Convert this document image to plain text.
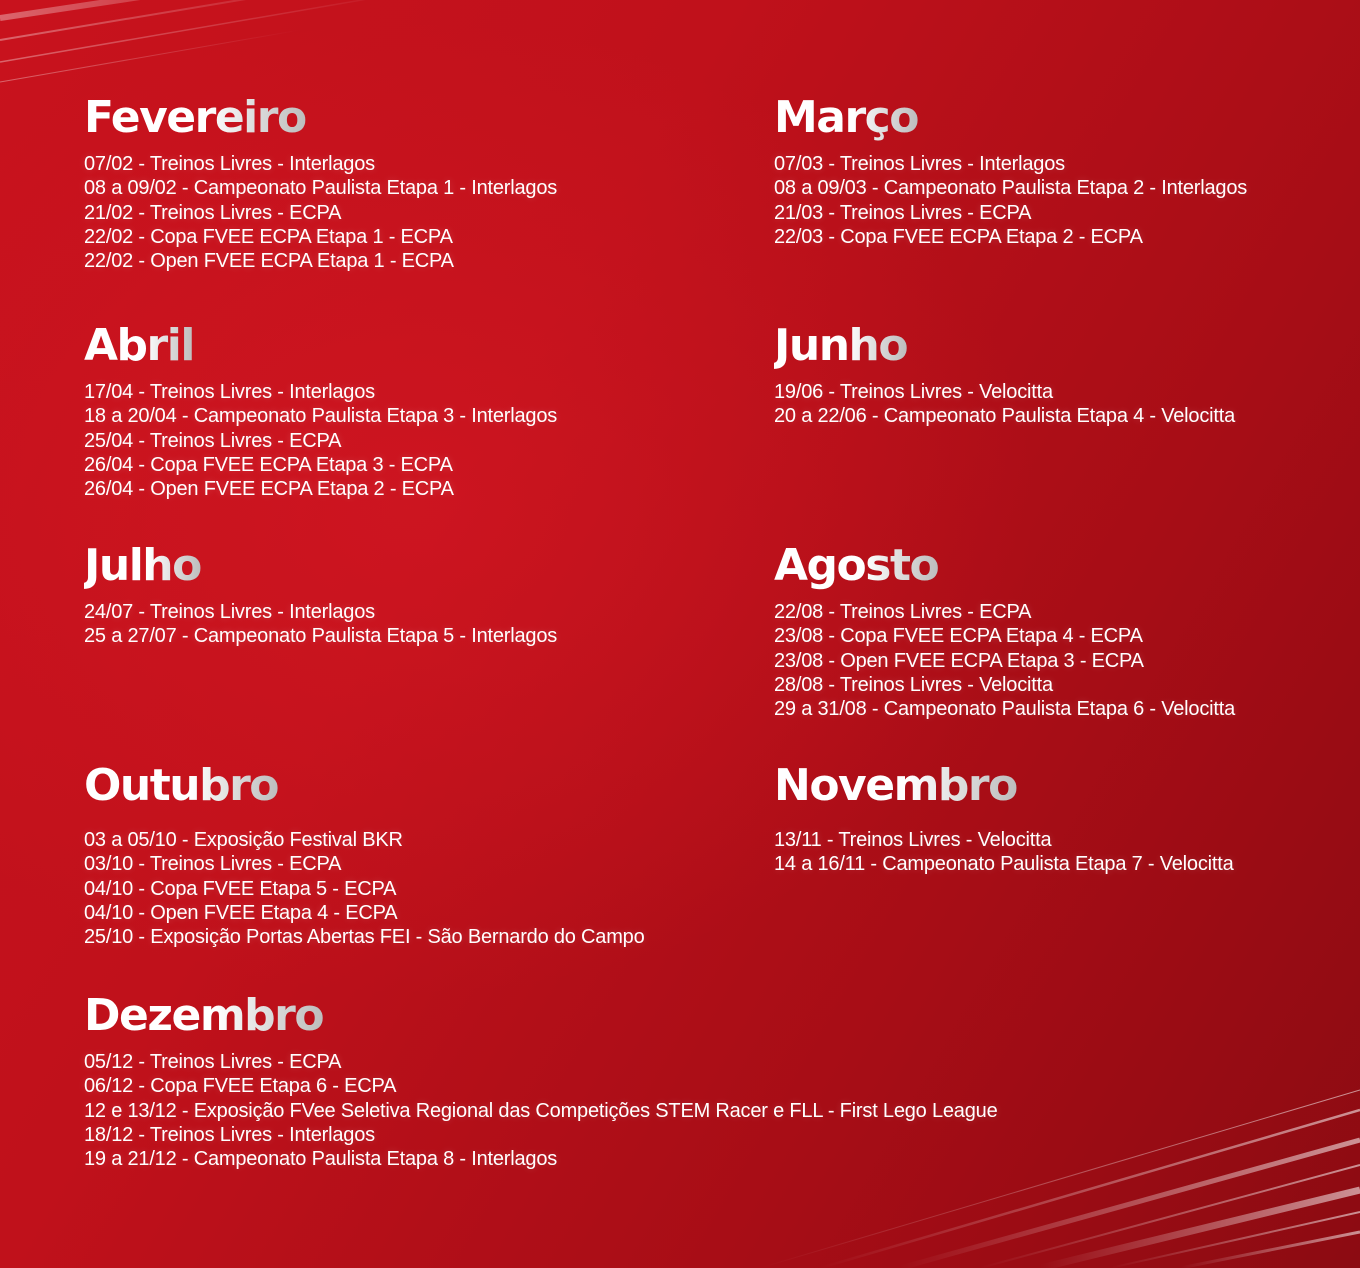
Fevereiro
07/02 - Treinos Livres - Interlagos
08 a 09/02 - Campeonato Paulista Etapa 1 - Interlagos
21/02 - Treinos Livres - ECPA
22/02 - Copa FVEE ECPA Etapa 1 - ECPA
22/02 - Open FVEE ECPA Etapa 1 - ECPA
Março
07/03 - Treinos Livres - Interlagos
08 a 09/03 - Campeonato Paulista Etapa 2 - Interlagos
21/03 - Treinos Livres - ECPA
22/03 - Copa FVEE ECPA Etapa 2 - ECPA
Abril
17/04 - Treinos Livres - Interlagos
18 a 20/04 - Campeonato Paulista Etapa 3 - Interlagos
25/04 - Treinos Livres - ECPA
26/04 - Copa FVEE ECPA Etapa 3 - ECPA
26/04 - Open FVEE ECPA Etapa 2 - ECPA
Junho
19/06 - Treinos Livres - Velocitta
20 a 22/06 - Campeonato Paulista Etapa 4 - Velocitta
Julho
24/07 - Treinos Livres - Interlagos
25 a 27/07 - Campeonato Paulista Etapa 5 - Interlagos
Agosto
22/08 - Treinos Livres - ECPA
23/08 - Copa FVEE ECPA Etapa 4 - ECPA
23/08 - Open FVEE ECPA Etapa 3 - ECPA
28/08 - Treinos Livres - Velocitta
29 a 31/08 - Campeonato Paulista Etapa 6 - Velocitta
Outubro
03 a 05/10 - Exposição Festival BKR
03/10 - Treinos Livres - ECPA
04/10 - Copa FVEE Etapa 5 - ECPA
04/10 - Open FVEE Etapa 4 - ECPA
25/10 - Exposição Portas Abertas FEI - São Bernardo do Campo
Novembro
13/11 - Treinos Livres - Velocitta
14 a 16/11 - Campeonato Paulista Etapa 7 - Velocitta
Dezembro
05/12 - Treinos Livres - ECPA
06/12 - Copa FVEE Etapa 6 - ECPA
12 e 13/12 - Exposição FVee Seletiva Regional das Competições STEM Racer e FLL - First Lego League
18/12 - Treinos Livres - Interlagos
19 a 21/12 - Campeonato Paulista Etapa 8 - Interlagos
